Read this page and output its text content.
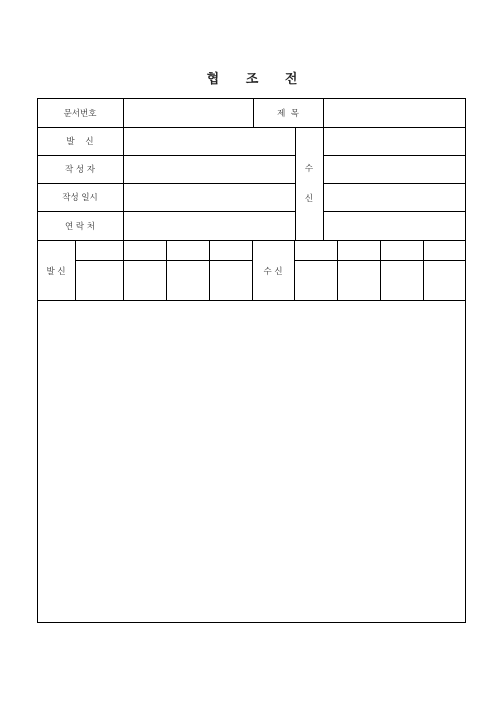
협 조 전
문서번호	제  목
발    신
작 성 자
작성 일시
연 락 처
수
신
발 신	수 신
